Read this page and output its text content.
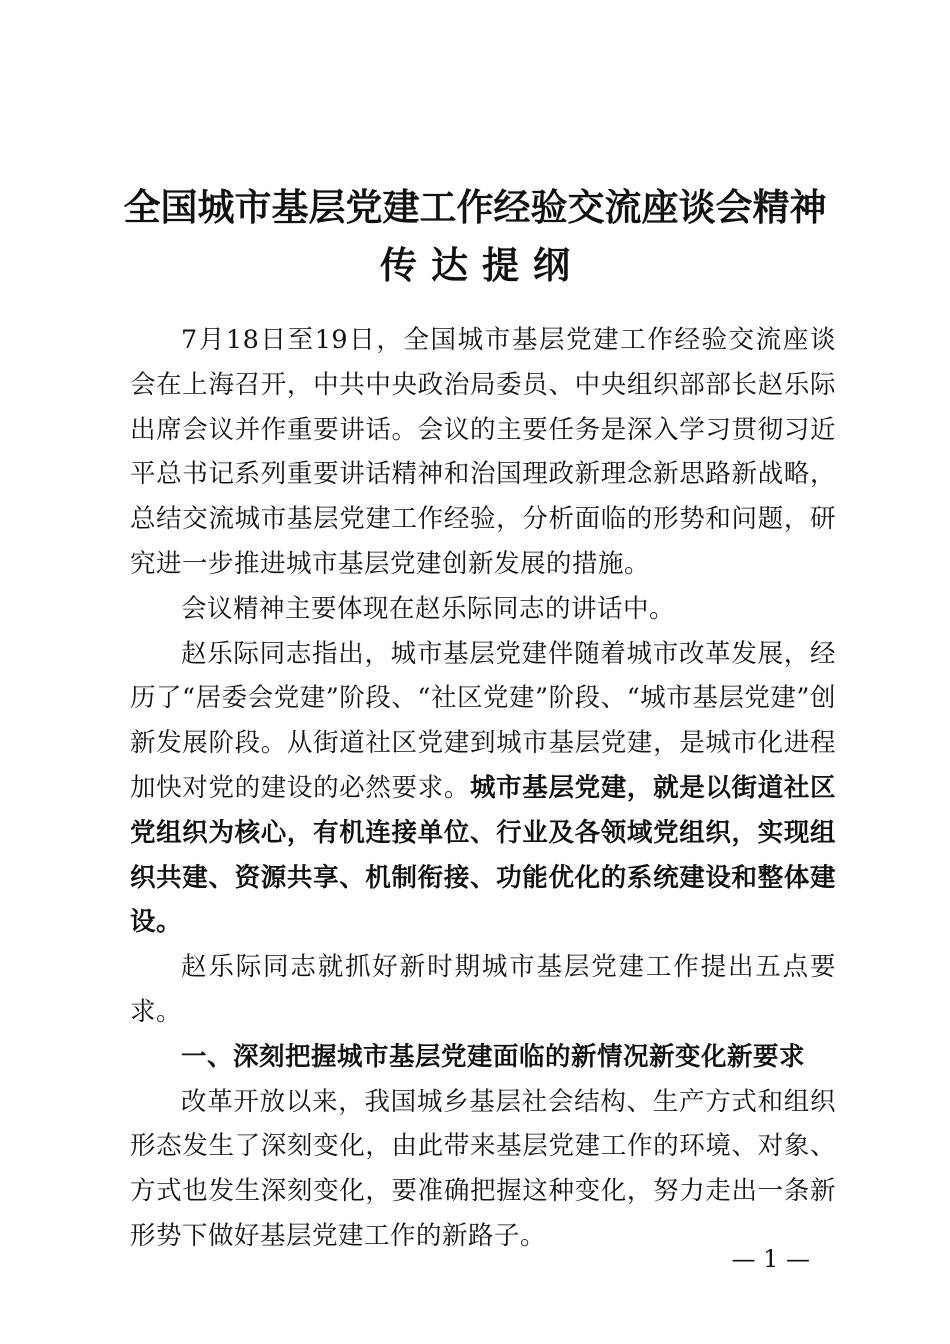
全国城市基层党建工作经验交流座谈会精神
传达提纲

7月18日至19日，全国城市基层党建工作经验交流座谈会在上海召开，中共中央政治局委员、中央组织部部长赵乐际出席会议并作重要讲话。会议的主要任务是深入学习贯彻习近平总书记系列重要讲话精神和治国理政新理念新思路新战略，总结交流城市基层党建工作经验，分析面临的形势和问题，研究进一步推进城市基层党建创新发展的措施。

会议精神主要体现在赵乐际同志的讲话中。

赵乐际同志指出，城市基层党建伴随着城市改革发展，经历了“居委会党建”阶段、“社区党建”阶段、“城市基层党建”创新发展阶段。从街道社区党建到城市基层党建，是城市化进程加快对党的建设的必然要求。城市基层党建，就是以街道社区党组织为核心，有机连接单位、行业及各领域党组织，实现组织共建、资源共享、机制衔接、功能优化的系统建设和整体建设。

赵乐际同志就抓好新时期城市基层党建工作提出五点要求。

一、深刻把握城市基层党建面临的新情况新变化新要求

改革开放以来，我国城乡基层社会结构、生产方式和组织形态发生了深刻变化，由此带来基层党建工作的环境、对象、方式也发生深刻变化，要准确把握这种变化，努力走出一条新形势下做好基层党建工作的新路子。

— 1 —
